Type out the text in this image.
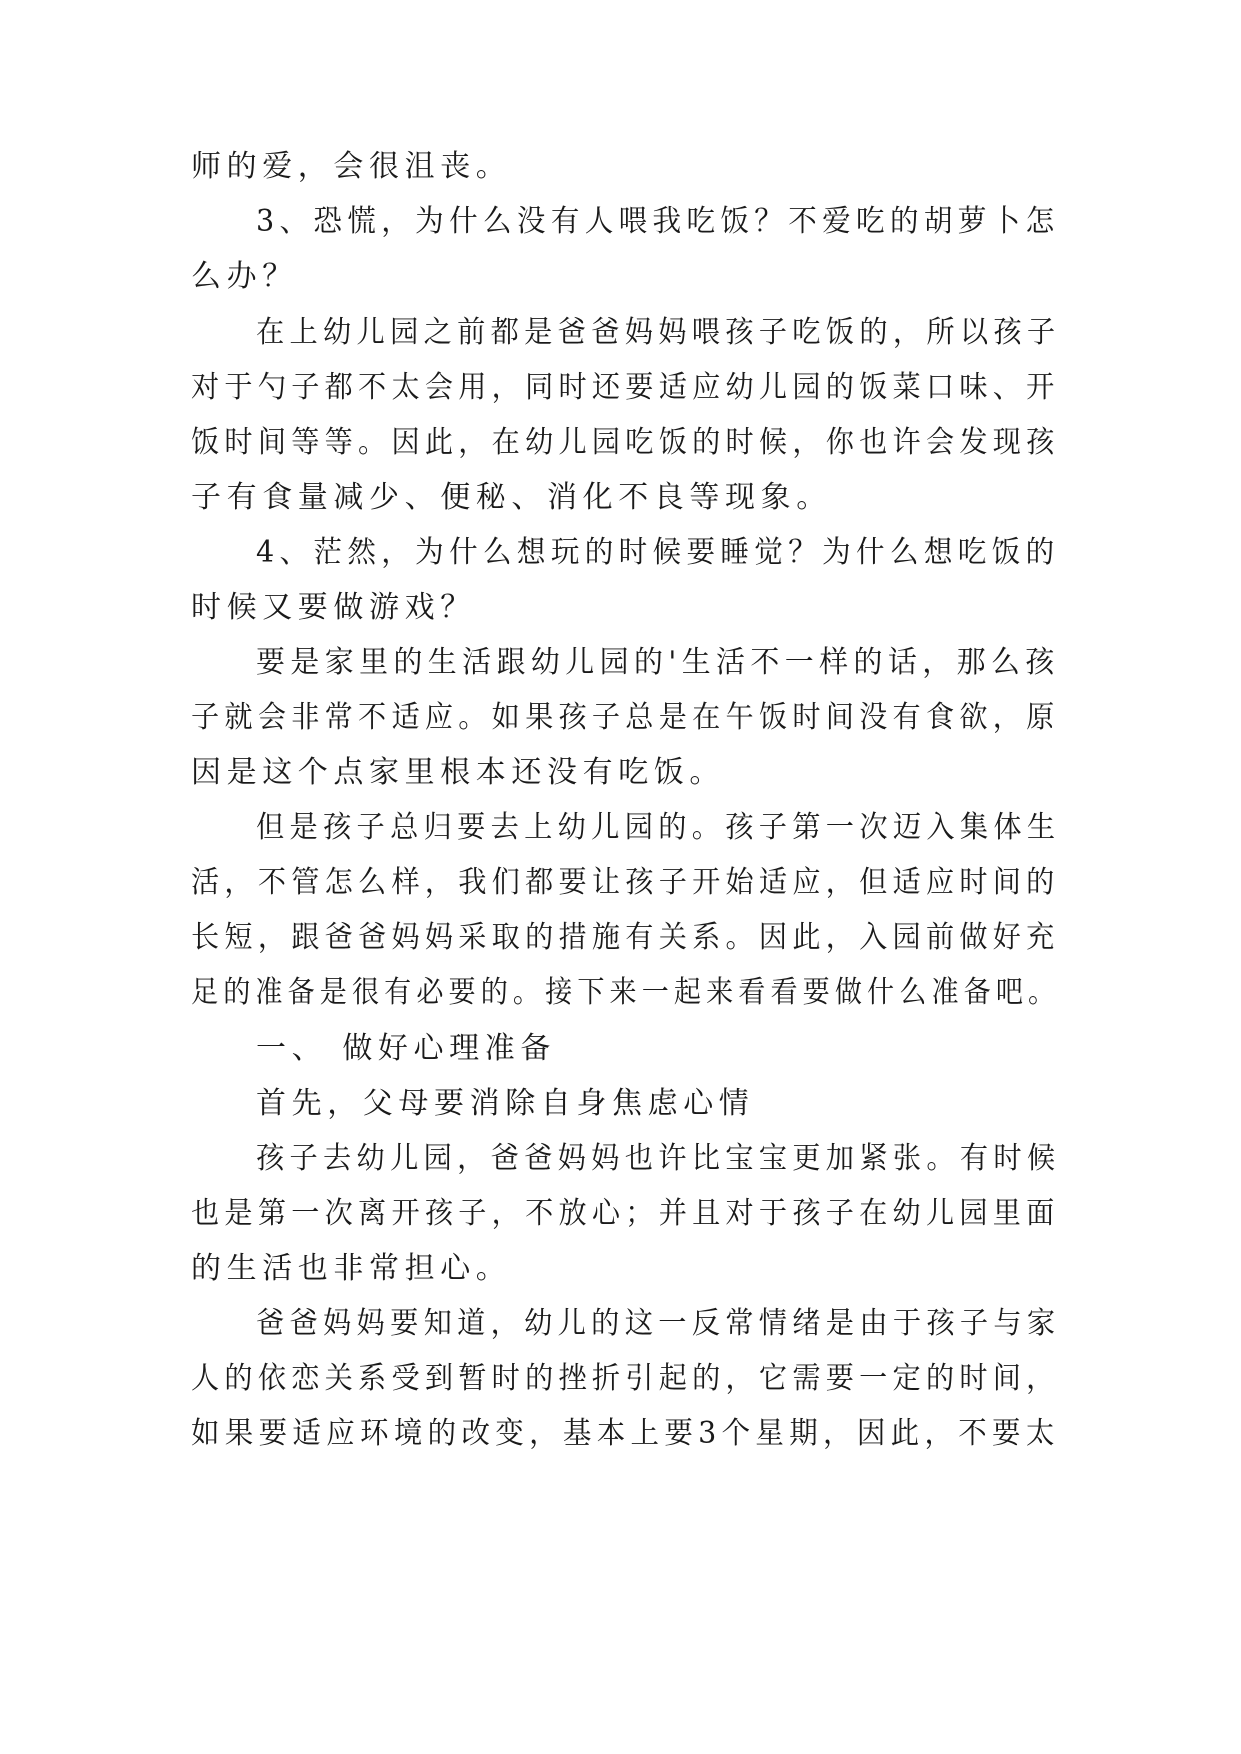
师的爱，会很沮丧。
3、恐慌，为什么没有人喂我吃饭？不爱吃的胡萝卜怎
么办？
在上幼儿园之前都是爸爸妈妈喂孩子吃饭的，所以孩子
对于勺子都不太会用，同时还要适应幼儿园的饭菜口味、开
饭时间等等。因此，在幼儿园吃饭的时候，你也许会发现孩
子有食量减少、便秘、消化不良等现象。
4、茫然，为什么想玩的时候要睡觉？为什么想吃饭的
时候又要做游戏？
要是家里的生活跟幼儿园的'生活不一样的话，那么孩
子就会非常不适应。如果孩子总是在午饭时间没有食欲，原
因是这个点家里根本还没有吃饭。
但是孩子总归要去上幼儿园的。孩子第一次迈入集体生
活，不管怎么样，我们都要让孩子开始适应，但适应时间的
长短，跟爸爸妈妈采取的措施有关系。因此，入园前做好充
足的准备是很有必要的。接下来一起来看看要做什么准备吧。
一、 做好心理准备
首先，父母要消除自身焦虑心情
孩子去幼儿园，爸爸妈妈也许比宝宝更加紧张。有时候
也是第一次离开孩子，不放心；并且对于孩子在幼儿园里面
的生活也非常担心。
爸爸妈妈要知道，幼儿的这一反常情绪是由于孩子与家
人的依恋关系受到暂时的挫折引起的，它需要一定的时间，
如果要适应环境的改变，基本上要3个星期，因此，不要太
